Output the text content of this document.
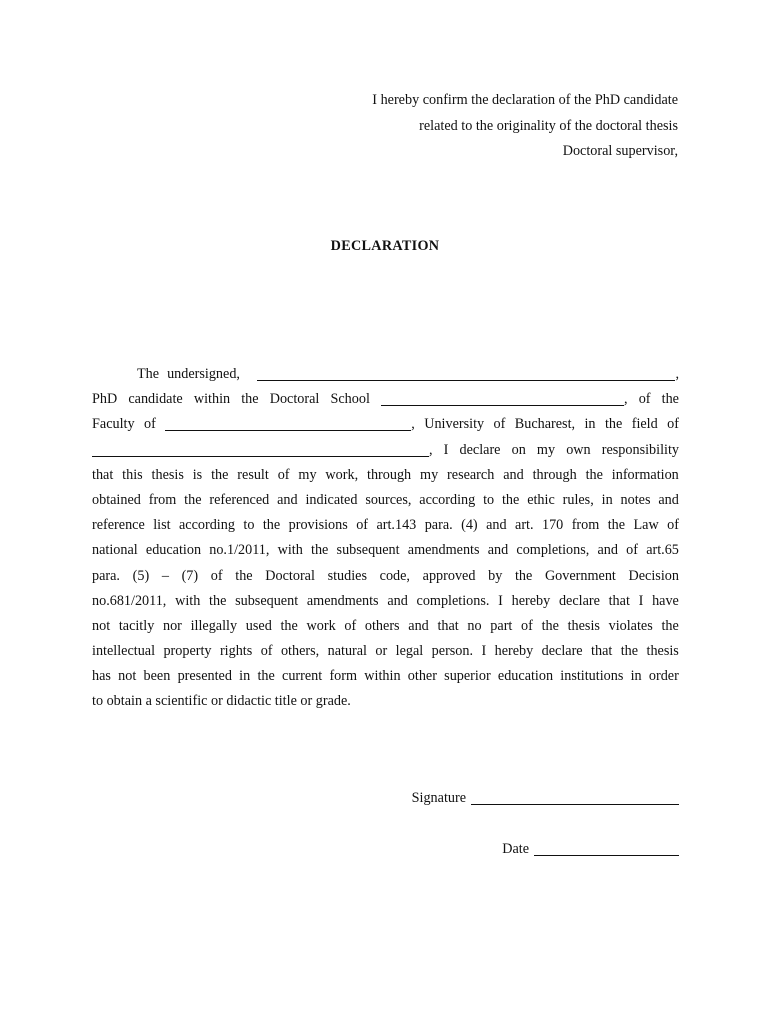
I hereby confirm the declaration of the PhD candidate
related to the originality of the doctoral thesis
Doctoral supervisor,
DECLARATION
The undersigned,	,
PhD candidate within the Doctoral School	, of the
Faculty of	, University of Bucharest, in the field of
, I declare on my own responsibility
that this thesis is the result of my work, through my research and through the information
obtained from the referenced and indicated sources, according to the ethic rules, in notes and
reference list according to the provisions of art.143 para. (4) and art. 170 from the Law of
national education no.1/2011, with the subsequent amendments and completions, and of art.65
para. (5) – (7) of the Doctoral studies code, approved by the Government Decision
no.681/2011, with the subsequent amendments and completions. I hereby declare that I have
not tacitly nor illegally used the work of others and that no part of the thesis violates the
intellectual property rights of others, natural or legal person. I hereby declare that the thesis
has not been presented in the current form within other superior education institutions in order
to obtain a scientific or didactic title or grade.
Signature
Date
